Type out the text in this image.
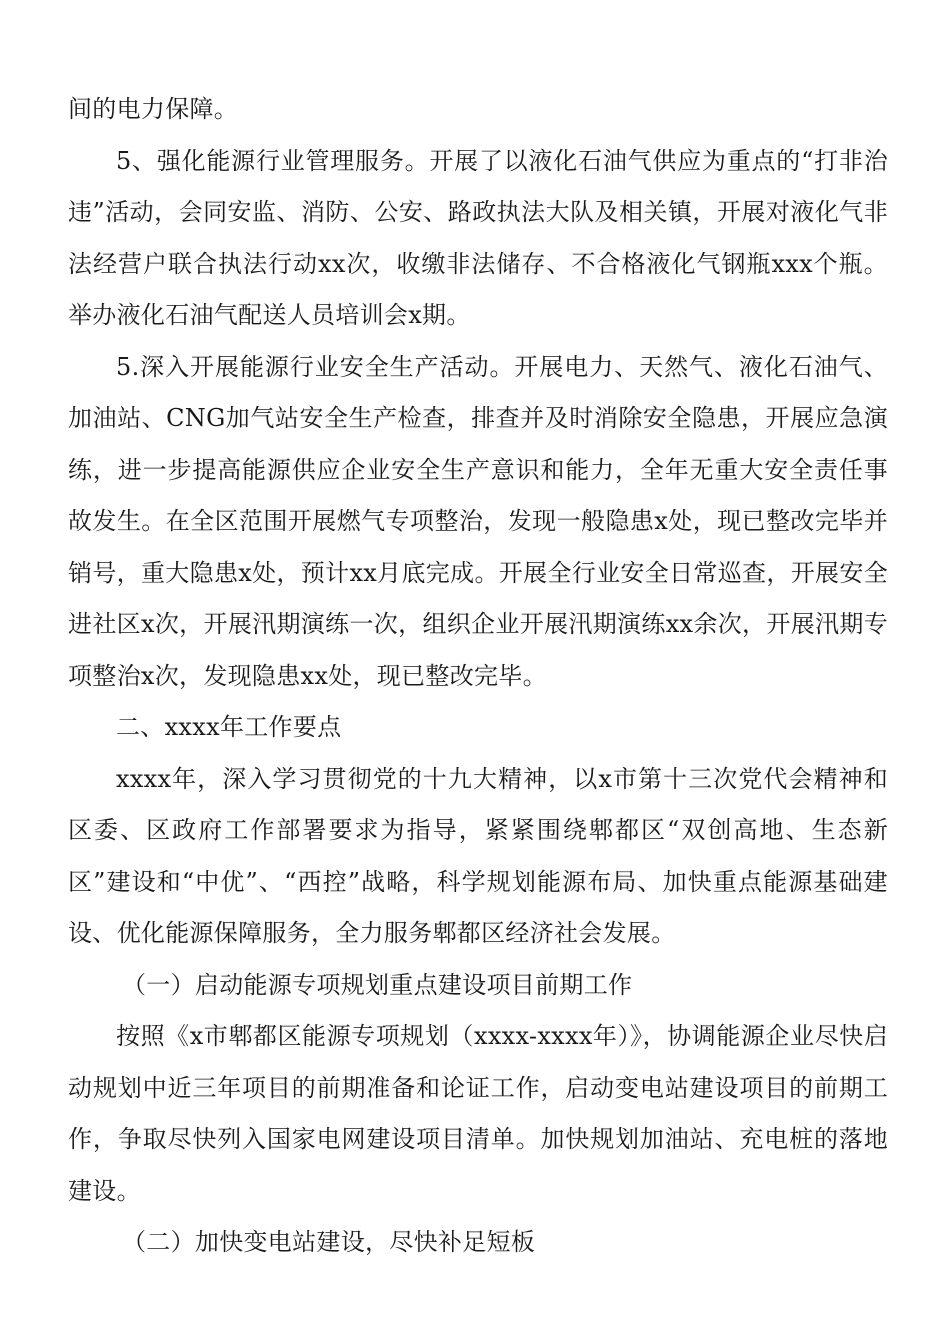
间的电力保障。

5、强化能源行业管理服务。开展了以液化石油气供应为重点的“打非治违”活动，会同安监、消防、公安、路政执法大队及相关镇，开展对液化气非法经营户联合执法行动xx次，收缴非法储存、不合格液化气钢瓶xxx个瓶。举办液化石油气配送人员培训会x期。

5.深入开展能源行业安全生产活动。开展电力、天然气、液化石油气、加油站、CNG加气站安全生产检查，排查并及时消除安全隐患，开展应急演练，进一步提高能源供应企业安全生产意识和能力，全年无重大安全责任事故发生。在全区范围开展燃气专项整治，发现一般隐患x处，现已整改完毕并销号，重大隐患x处，预计xx月底完成。开展全行业安全日常巡查，开展安全进社区x次，开展汛期演练一次，组织企业开展汛期演练xx余次，开展汛期专项整治x次，发现隐患xx处，现已整改完毕。

二、xxxx年工作要点

xxxx年，深入学习贯彻党的十九大精神，以x市第十三次党代会精神和区委、区政府工作部署要求为指导，紧紧围绕郫都区“双创高地、生态新区”建设和“中优”、“西控”战略，科学规划能源布局、加快重点能源基础建设、优化能源保障服务，全力服务郫都区经济社会发展。

（一）启动能源专项规划重点建设项目前期工作

按照《x市郫都区能源专项规划（xxxx-xxxx年）》，协调能源企业尽快启动规划中近三年项目的前期准备和论证工作，启动变电站建设项目的前期工作，争取尽快列入国家电网建设项目清单。加快规划加油站、充电桩的落地建设。

（二）加快变电站建设，尽快补足短板
